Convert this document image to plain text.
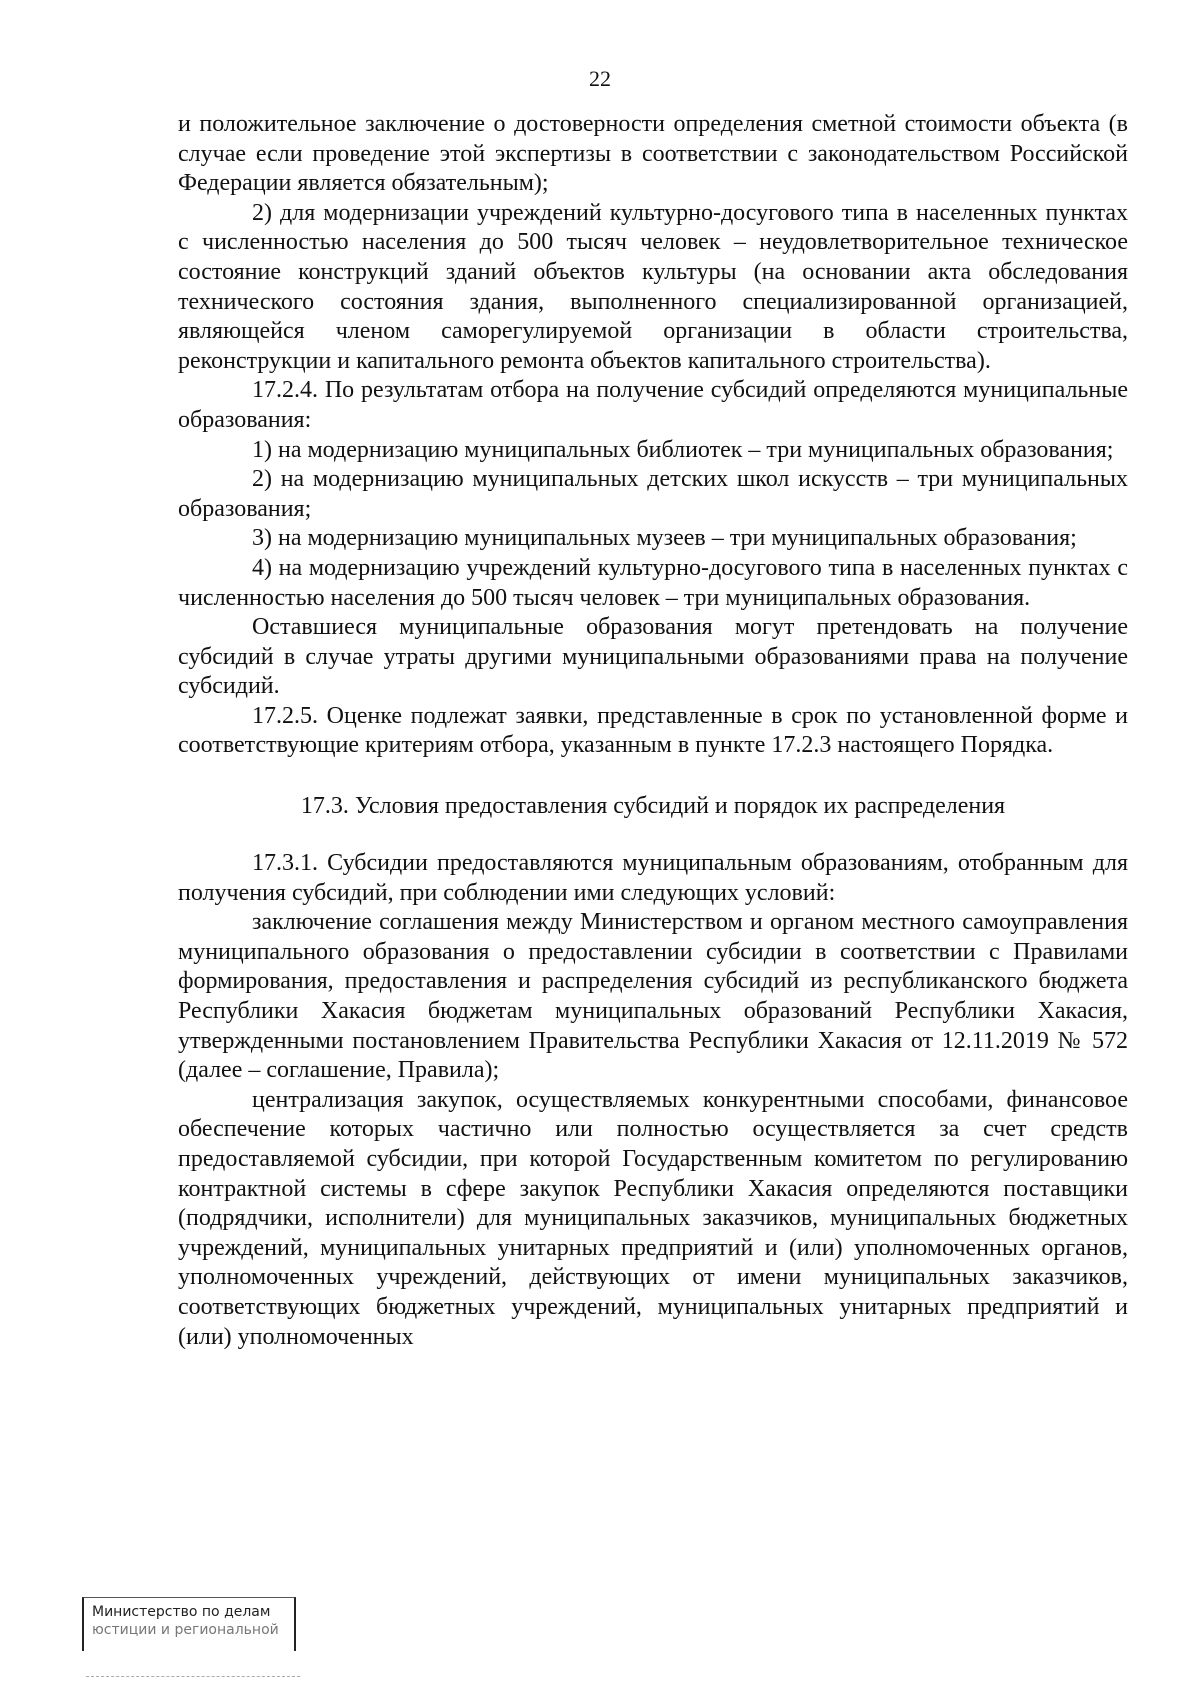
22

и положительное заключение о достоверности определения сметной стоимости объекта (в случае если проведение этой экспертизы в соответствии с законодательством Российской Федерации является обязательным);

2) для модернизации учреждений культурно-досугового типа в населенных пунктах с численностью населения до 500 тысяч человек – неудовлетворительное техническое состояние конструкций зданий объектов культуры (на основании акта обследования технического состояния здания, выполненного специализированной организацией, являющейся членом саморегулируемой организации в области строительства, реконструкции и капитального ремонта объектов капитального строительства).

17.2.4. По результатам отбора на получение субсидий определяются муниципальные образования:

1) на модернизацию муниципальных библиотек – три муниципальных образования;

2) на модернизацию муниципальных детских школ искусств – три муниципальных образования;

3) на модернизацию муниципальных музеев – три муниципальных образования;

4) на модернизацию учреждений культурно-досугового типа в населенных пунктах с численностью населения до 500 тысяч человек – три муниципальных образования.

Оставшиеся муниципальные образования могут претендовать на получение субсидий в случае утраты другими муниципальными образованиями права на получение субсидий.

17.2.5. Оценке подлежат заявки, представленные в срок по установленной форме и соответствующие критериям отбора, указанным в пункте 17.2.3 настоящего Порядка.

17.3. Условия предоставления субсидий и порядок их распределения

17.3.1. Субсидии предоставляются муниципальным образованиям, отобранным для получения субсидий, при соблюдении ими следующих условий:

заключение соглашения между Министерством и органом местного самоуправления муниципального образования о предоставлении субсидии в соответствии с Правилами формирования, предоставления и распределения субсидий из республиканского бюджета Республики Хакасия бюджетам муниципальных образований Республики Хакасия, утвержденными постановлением Правительства Республики Хакасия от 12.11.2019 № 572 (далее – соглашение, Правила);

централизация закупок, осуществляемых конкурентными способами, финансовое обеспечение которых частично или полностью осуществляется за счет средств предоставляемой субсидии, при которой Государственным комитетом по регулированию контрактной системы в сфере закупок Республики Хакасия определяются поставщики (подрядчики, исполнители) для муниципальных заказчиков, муниципальных бюджетных учреждений, муниципальных унитарных предприятий и (или) уполномоченных органов, уполномоченных учреждений, действующих от имени муниципальных заказчиков, соответствующих бюджетных учреждений, муниципальных унитарных предприятий и (или) уполномоченных

Министерство по делам
юстиции и региональной
